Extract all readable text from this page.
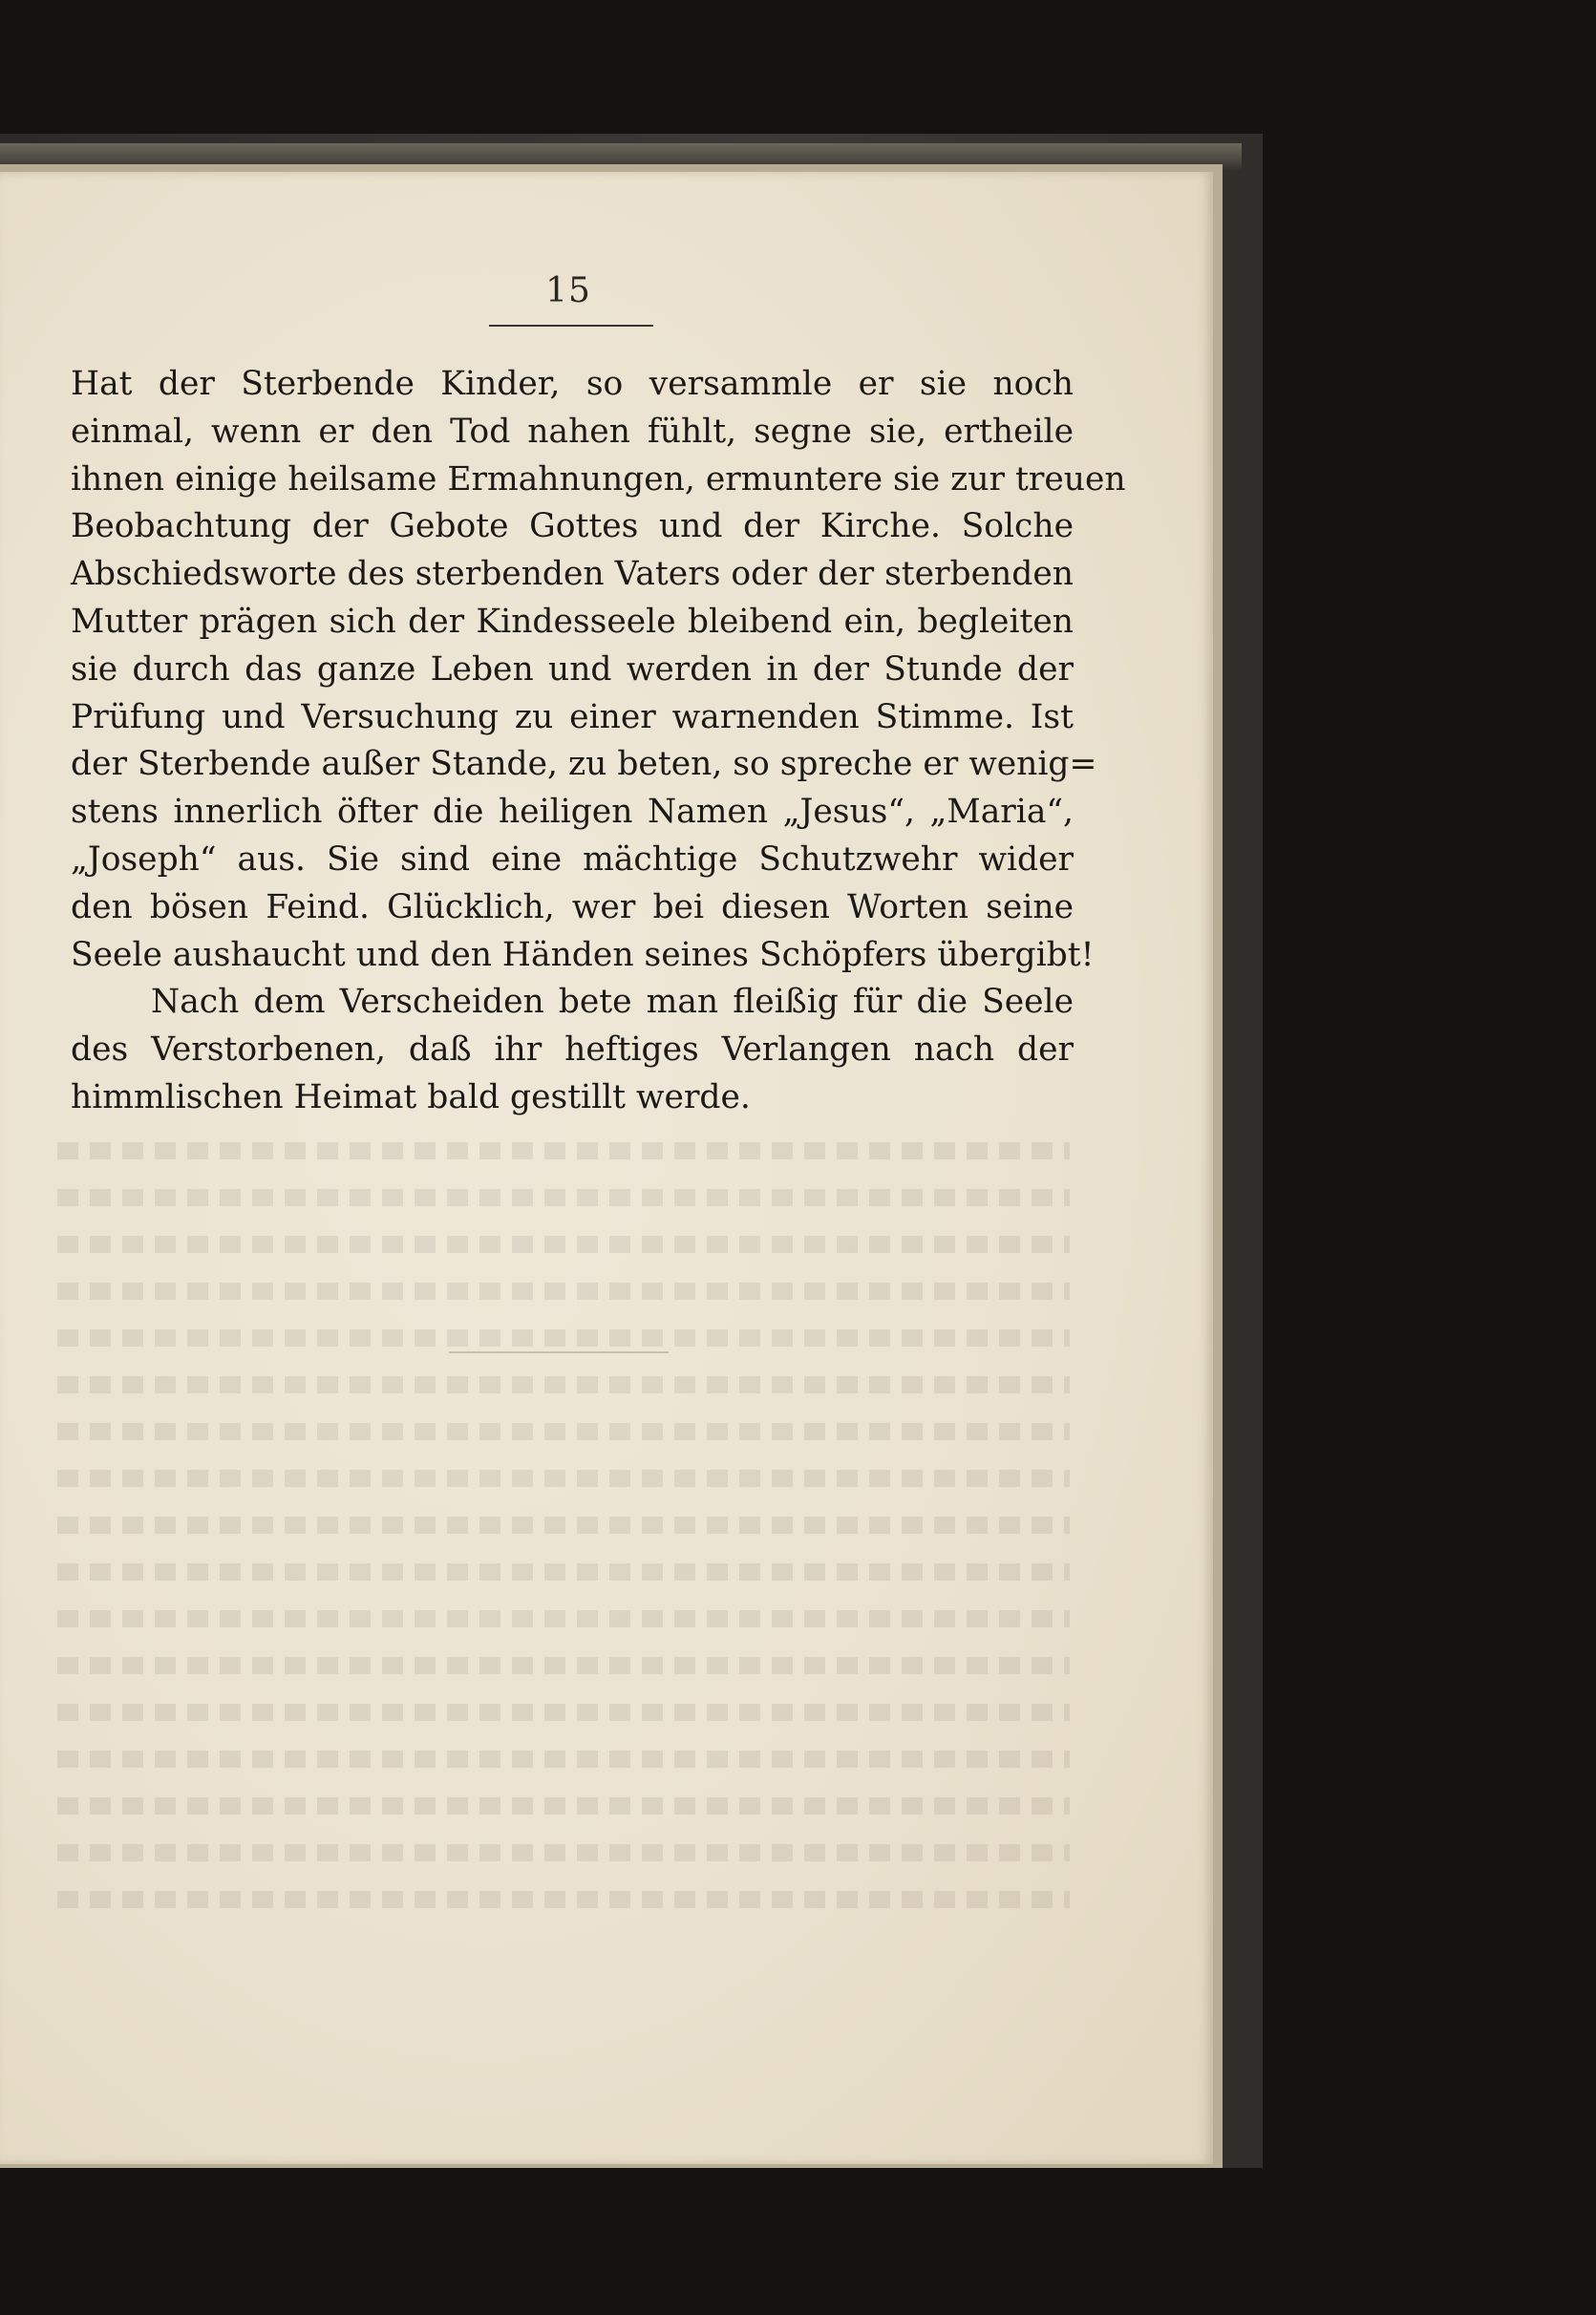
15
Hat der Sterbende Kinder, so versammle er sie noch
einmal, wenn er den Tod nahen fühlt, segne sie, ertheile
ihnen einige heilsame Ermahnungen, ermuntere sie zur treuen
Beobachtung der Gebote Gottes und der Kirche. Solche
Abschiedsworte des sterbenden Vaters oder der sterbenden
Mutter prägen sich der Kindesseele bleibend ein, begleiten
sie durch das ganze Leben und werden in der Stunde der
Prüfung und Versuchung zu einer warnenden Stimme. Ist
der Sterbende außer Stande, zu beten, so spreche er wenig=
stens innerlich öfter die heiligen Namen „Jesus“, „Maria“,
„Joseph“ aus. Sie sind eine mächtige Schutzwehr wider
den bösen Feind. Glücklich, wer bei diesen Worten seine
Seele aushaucht und den Händen seines Schöpfers übergibt!
Nach dem Verscheiden bete man fleißig für die Seele
des Verstorbenen, daß ihr heftiges Verlangen nach der
himmlischen Heimat bald gestillt werde.
